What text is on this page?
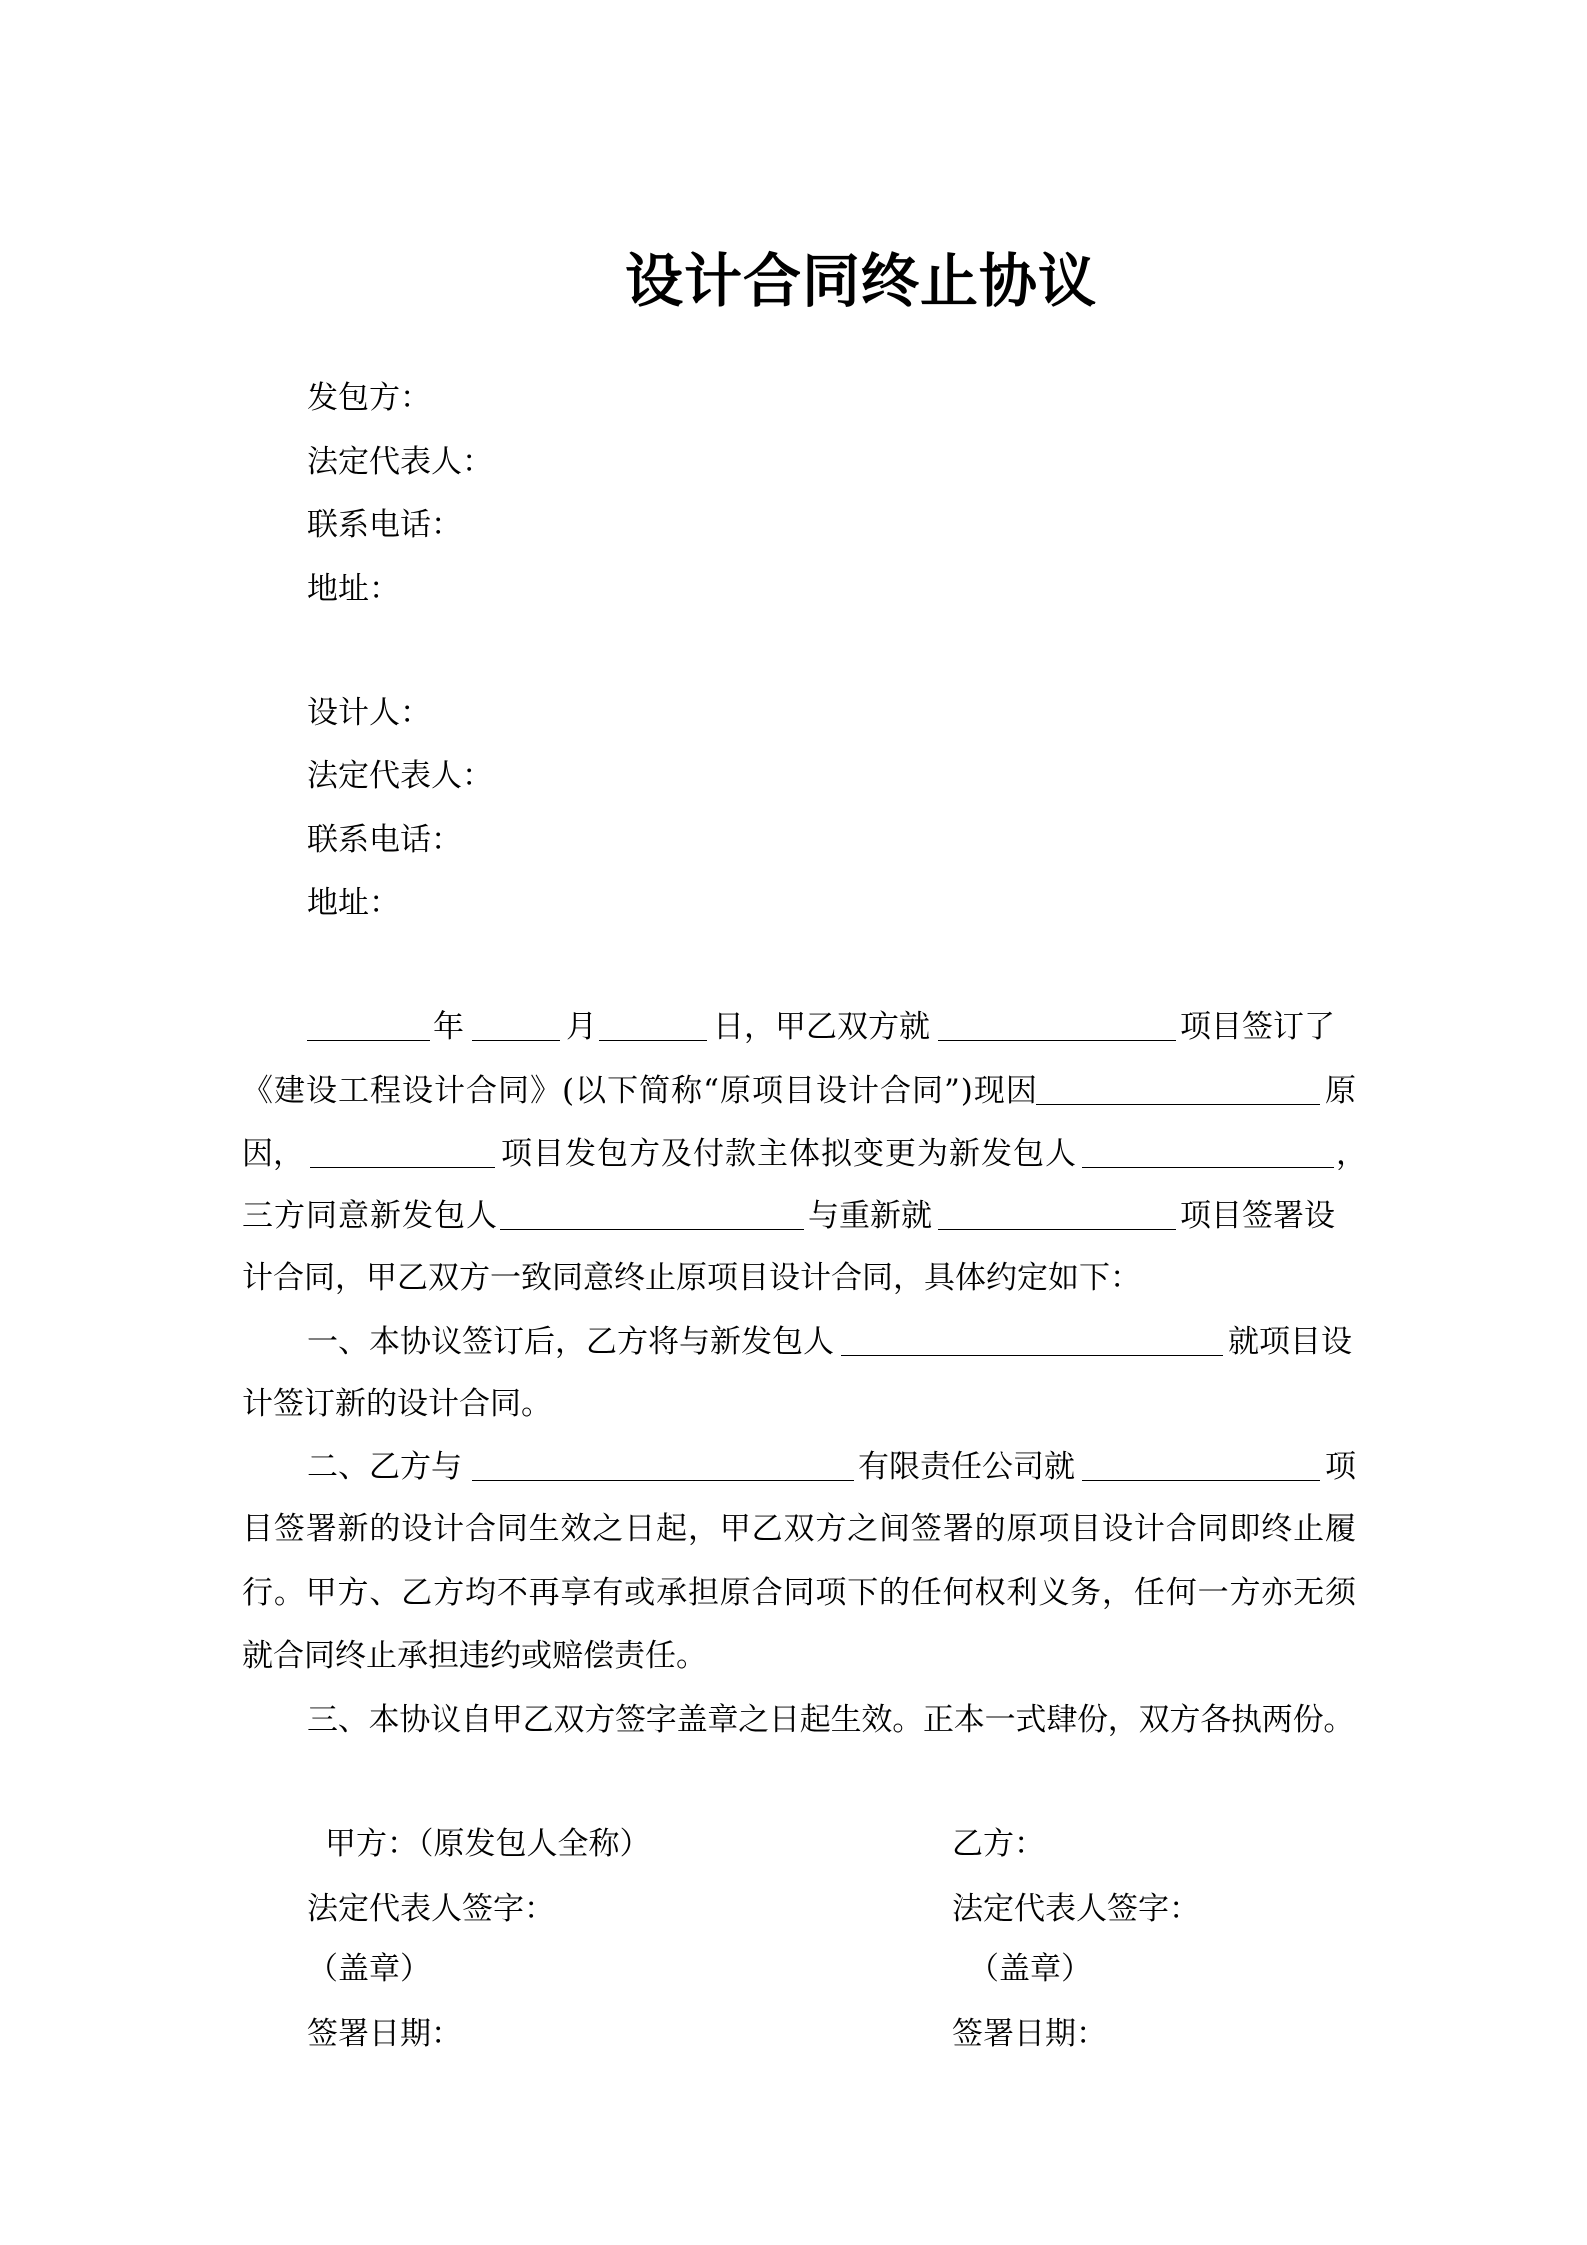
设计合同终止协议
发包方：
法定代表人：
联系电话：
地址：
设计人：
法定代表人：
联系电话：
地址：
年	月	日，甲乙双方就	项目签订了
《建设工程设计合同》(以下简称“原项目设计合同”)现因	原
因，	项目发包方及付款主体拟变更为新发包人	，
三方同意新发包人	与重新就	项目签署设
计合同，甲乙双方一致同意终止原项目设计合同，具体约定如下：
一、本协议签订后，乙方将与新发包人	就项目设
计签订新的设计合同。
二、乙方与	有限责任公司就	项
目签署新的设计合同生效之日起，甲乙双方之间签署的原项目设计合同即终止履
行。甲方、乙方均不再享有或承担原合同项下的任何权利义务，任何一方亦无须
就合同终止承担违约或赔偿责任。
三、本协议自甲乙双方签字盖章之日起生效。正本一式肆份，双方各执两份。
甲方：（原发包人全称）	乙方：
法定代表人签字：	法定代表人签字：
（盖章）	（盖章）
签署日期：	签署日期：
